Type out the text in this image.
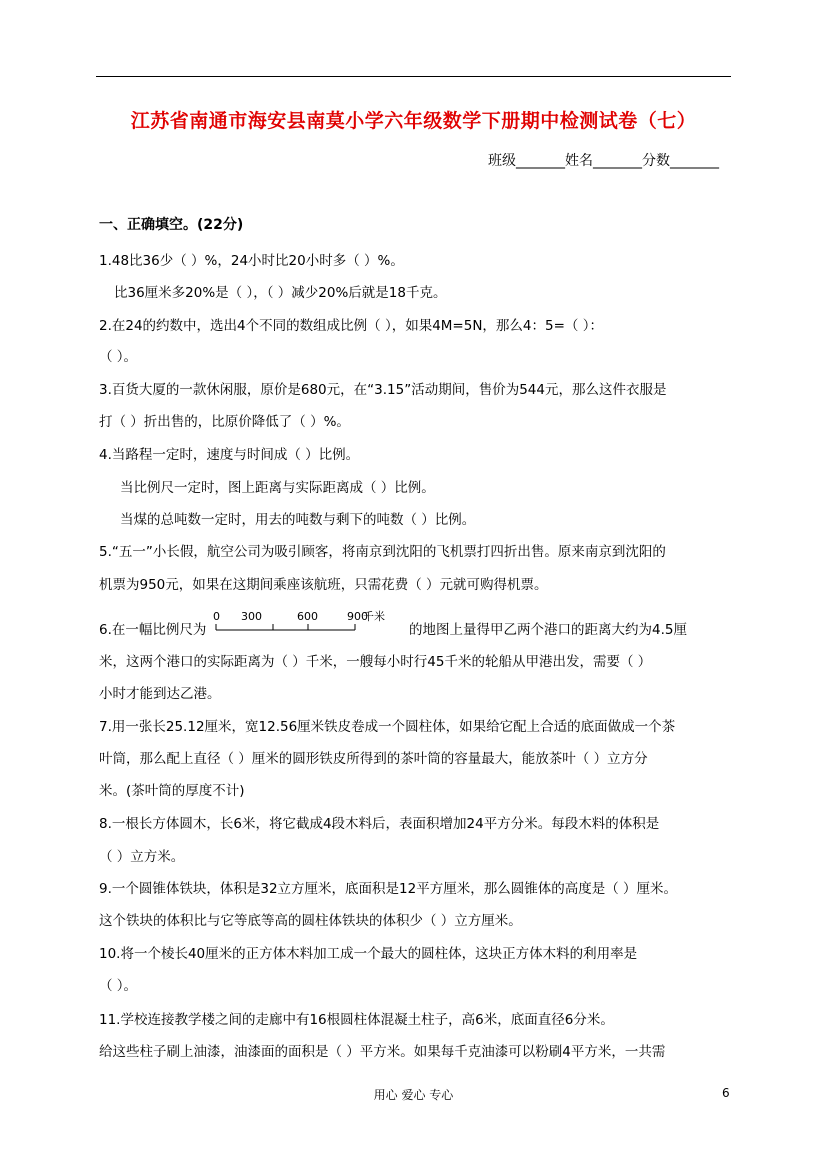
江苏省南通市海安县南莫小学六年级数学下册期中检测试卷（七）
班级_______姓名_______分数_______
一、正确填空。(22分)
1.48比36少（ ）%，24小时比20小时多（ ）%。
比36厘米多20%是（ ），（ ）减少20%后就是18千克。
2.在24的约数中，选出4个不同的数组成比例（ ），如果4M=5N，那么4：5=（ ）：
（ ）。
3.百货大厦的一款休闲服，原价是680元，在“3.15”活动期间，售价为544元，那么这件衣服是
打（ ）折出售的，比原价降低了（ ）%。
4.当路程一定时，速度与时间成（ ）比例。
当比例尺一定时，图上距离与实际距离成（ ）比例。
当煤的总吨数一定时，用去的吨数与剩下的吨数（ ）比例。
5.“五一”小长假，航空公司为吸引顾客，将南京到沈阳的飞机票打四折出售。原来南京到沈阳的
机票为950元，如果在这期间乘座该航班，只需花费（ ）元就可购得机票。
6.在一幅比例尺为
0 300	600	900
千米
的地图上量得甲乙两个港口的距离大约为4.5厘
米，这两个港口的实际距离为（ ）千米，一艘每小时行45千米的轮船从甲港出发，需要（ ）
小时才能到达乙港。
7.用一张长25.12厘米，宽12.56厘米铁皮卷成一个圆柱体，如果给它配上合适的底面做成一个茶
叶筒，那么配上直径（ ）厘米的圆形铁皮所得到的茶叶筒的容量最大，能放茶叶（ ）立方分
米。(茶叶筒的厚度不计)
8.一根长方体圆木，长6米，将它截成4段木料后，表面积增加24平方分米。每段木料的体积是
（ ）立方米。
9.一个圆锥体铁块，体积是32立方厘米，底面积是12平方厘米，那么圆锥体的高度是（ ）厘米。
这个铁块的体积比与它等底等高的圆柱体铁块的体积少（ ）立方厘米。
10.将一个棱长40厘米的正方体木料加工成一个最大的圆柱体，这块正方体木料的利用率是
（ ）。
11.学校连接教学楼之间的走廊中有16根圆柱体混凝土柱子，高6米，底面直径6分米。
给这些柱子刷上油漆，油漆面的面积是（ ）平方米。如果每千克油漆可以粉刷4平方米，一共需
用心 爱心 专心	6
